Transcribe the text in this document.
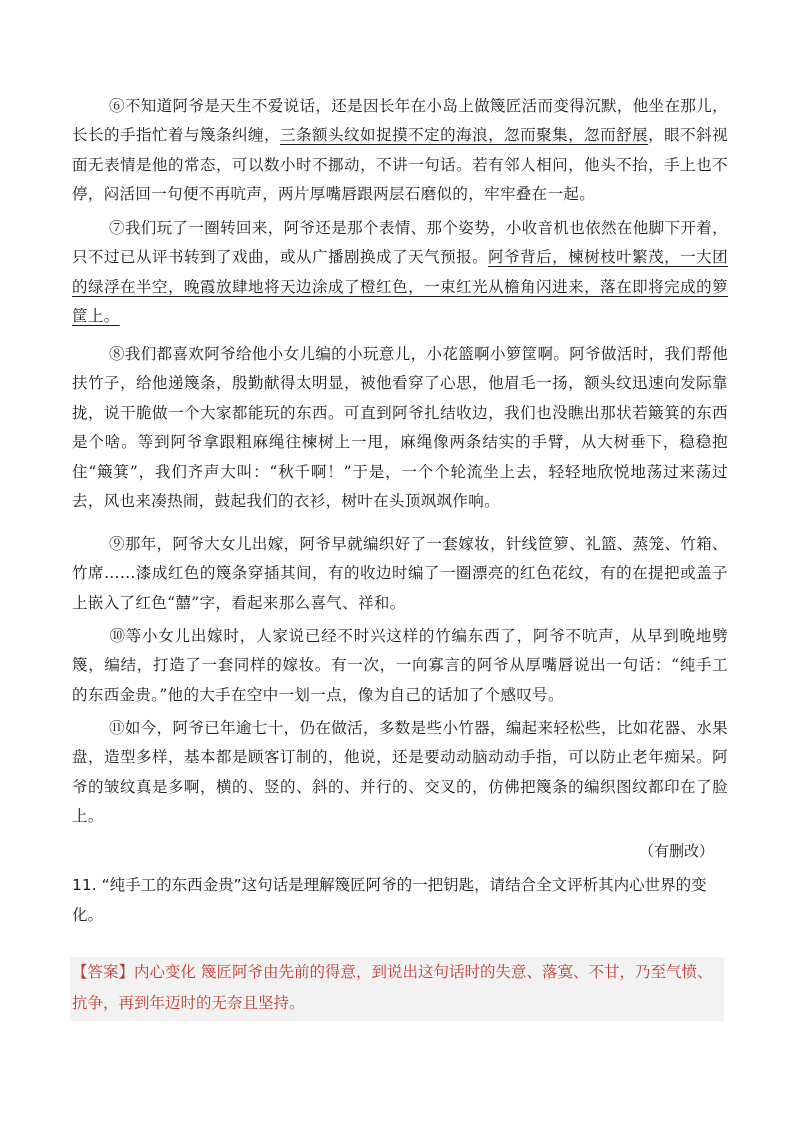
⑥不知道阿爷是天生不爱说话，还是因长年在小岛上做篾匠活而变得沉默，他坐在那儿，长长的手指忙着与篾条纠缠，三条额头纹如捉摸不定的海浪，忽而聚集，忽而舒展，眼不斜视面无表情是他的常态，可以数小时不挪动，不讲一句话。若有邻人相问，他头不抬，手上也不停，闷活回一句便不再吭声，两片厚嘴唇跟两层石磨似的，牢牢叠在一起。

⑦我们玩了一圈转回来，阿爷还是那个表情、那个姿势，小收音机也依然在他脚下开着，只不过已从评书转到了戏曲，或从广播剧换成了天气预报。阿爷背后，楝树枝叶繁茂，一大团的绿浮在半空，晚霞放肆地将天边涂成了橙红色，一束红光从檐角闪进来，落在即将完成的箩筐上。

⑧我们都喜欢阿爷给他小女儿编的小玩意儿，小花篮啊小箩筐啊。阿爷做活时，我们帮他扶竹子，给他递篾条，殷勤献得太明显，被他看穿了心思，他眉毛一扬，额头纹迅速向发际靠拢，说干脆做一个大家都能玩的东西。可直到阿爷扎结收边，我们也没瞧出那状若簸箕的东西是个啥。等到阿爷拿跟粗麻绳往楝树上一甩，麻绳像两条结实的手臂，从大树垂下，稳稳抱住“簸箕”，我们齐声大叫：“秋千啊！”于是，一个个轮流坐上去，轻轻地欣悦地荡过来荡过去，风也来凑热闹，鼓起我们的衣衫，树叶在头顶飒飒作响。

⑨那年，阿爷大女儿出嫁，阿爷早就编织好了一套嫁妆，针线笸箩、礼篮、蒸笼、竹箱、竹席……漆成红色的篾条穿插其间，有的收边时编了一圈漂亮的红色花纹，有的在提把或盖子上嵌入了红色“囍”字，看起来那么喜气、祥和。

⑩等小女儿出嫁时，人家说已经不时兴这样的竹编东西了，阿爷不吭声，从早到晚地劈篾，编结，打造了一套同样的嫁妆。有一次，一向寡言的阿爷从厚嘴唇说出一句话：“纯手工的东西金贵。”他的大手在空中一划一点，像为自己的话加了个感叹号。

⑪如今，阿爷已年逾七十，仍在做活，多数是些小竹器，编起来轻松些，比如花器、水果盘，造型多样，基本都是顾客订制的，他说，还是要动动脑动动手指，可以防止老年痴呆。阿爷的皱纹真是多啊，横的、竖的、斜的、并行的、交叉的，仿佛把篾条的编织图纹都印在了脸上。

（有删改）

11. “纯手工的东西金贵”这句话是理解篾匠阿爷的一把钥匙，请结合全文评析其内心世界的变化。

【答案】内心变化 篾匠阿爷由先前的得意，到说出这句话时的失意、落寞、不甘，乃至气愤、抗争，再到年迈时的无奈且坚持。
